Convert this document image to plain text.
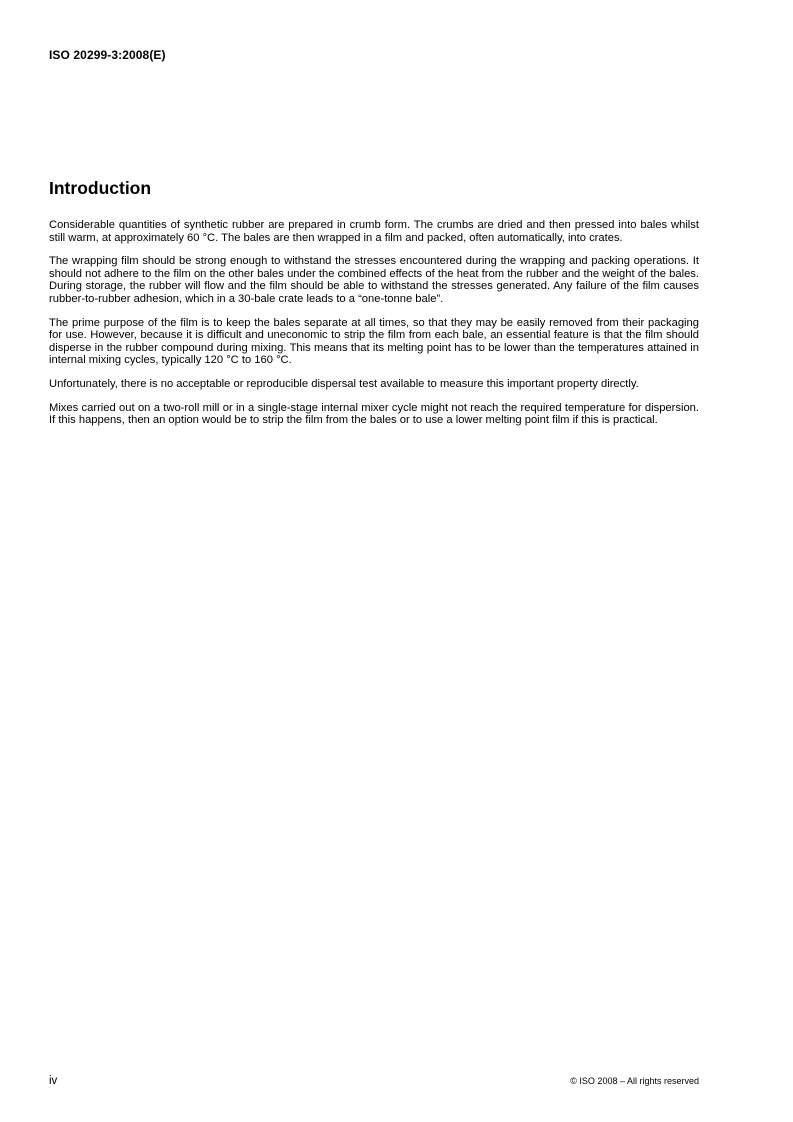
ISO 20299-3:2008(E)
Introduction

Considerable quantities of synthetic rubber are prepared in crumb form. The crumbs are dried and then pressed into bales whilst still warm, at approximately 60 °C. The bales are then wrapped in a film and packed, often automatically, into crates.

The wrapping film should be strong enough to withstand the stresses encountered during the wrapping and packing operations. It should not adhere to the film on the other bales under the combined effects of the heat from the rubber and the weight of the bales. During storage, the rubber will flow and the film should be able to withstand the stresses generated. Any failure of the film causes rubber-to-rubber adhesion, which in a 30-bale crate leads to a “one-tonne bale”.

The prime purpose of the film is to keep the bales separate at all times, so that they may be easily removed from their packaging for use. However, because it is difficult and uneconomic to strip the film from each bale, an essential feature is that the film should disperse in the rubber compound during mixing. This means that its melting point has to be lower than the temperatures attained in internal mixing cycles, typically 120 °C to 160 °C.

Unfortunately, there is no acceptable or reproducible dispersal test available to measure this important property directly.

Mixes carried out on a two-roll mill or in a single-stage internal mixer cycle might not reach the required temperature for dispersion. If this happens, then an option would be to strip the film from the bales or to use a lower melting point film if this is practical.

iv	© ISO 2008 – All rights reserved
